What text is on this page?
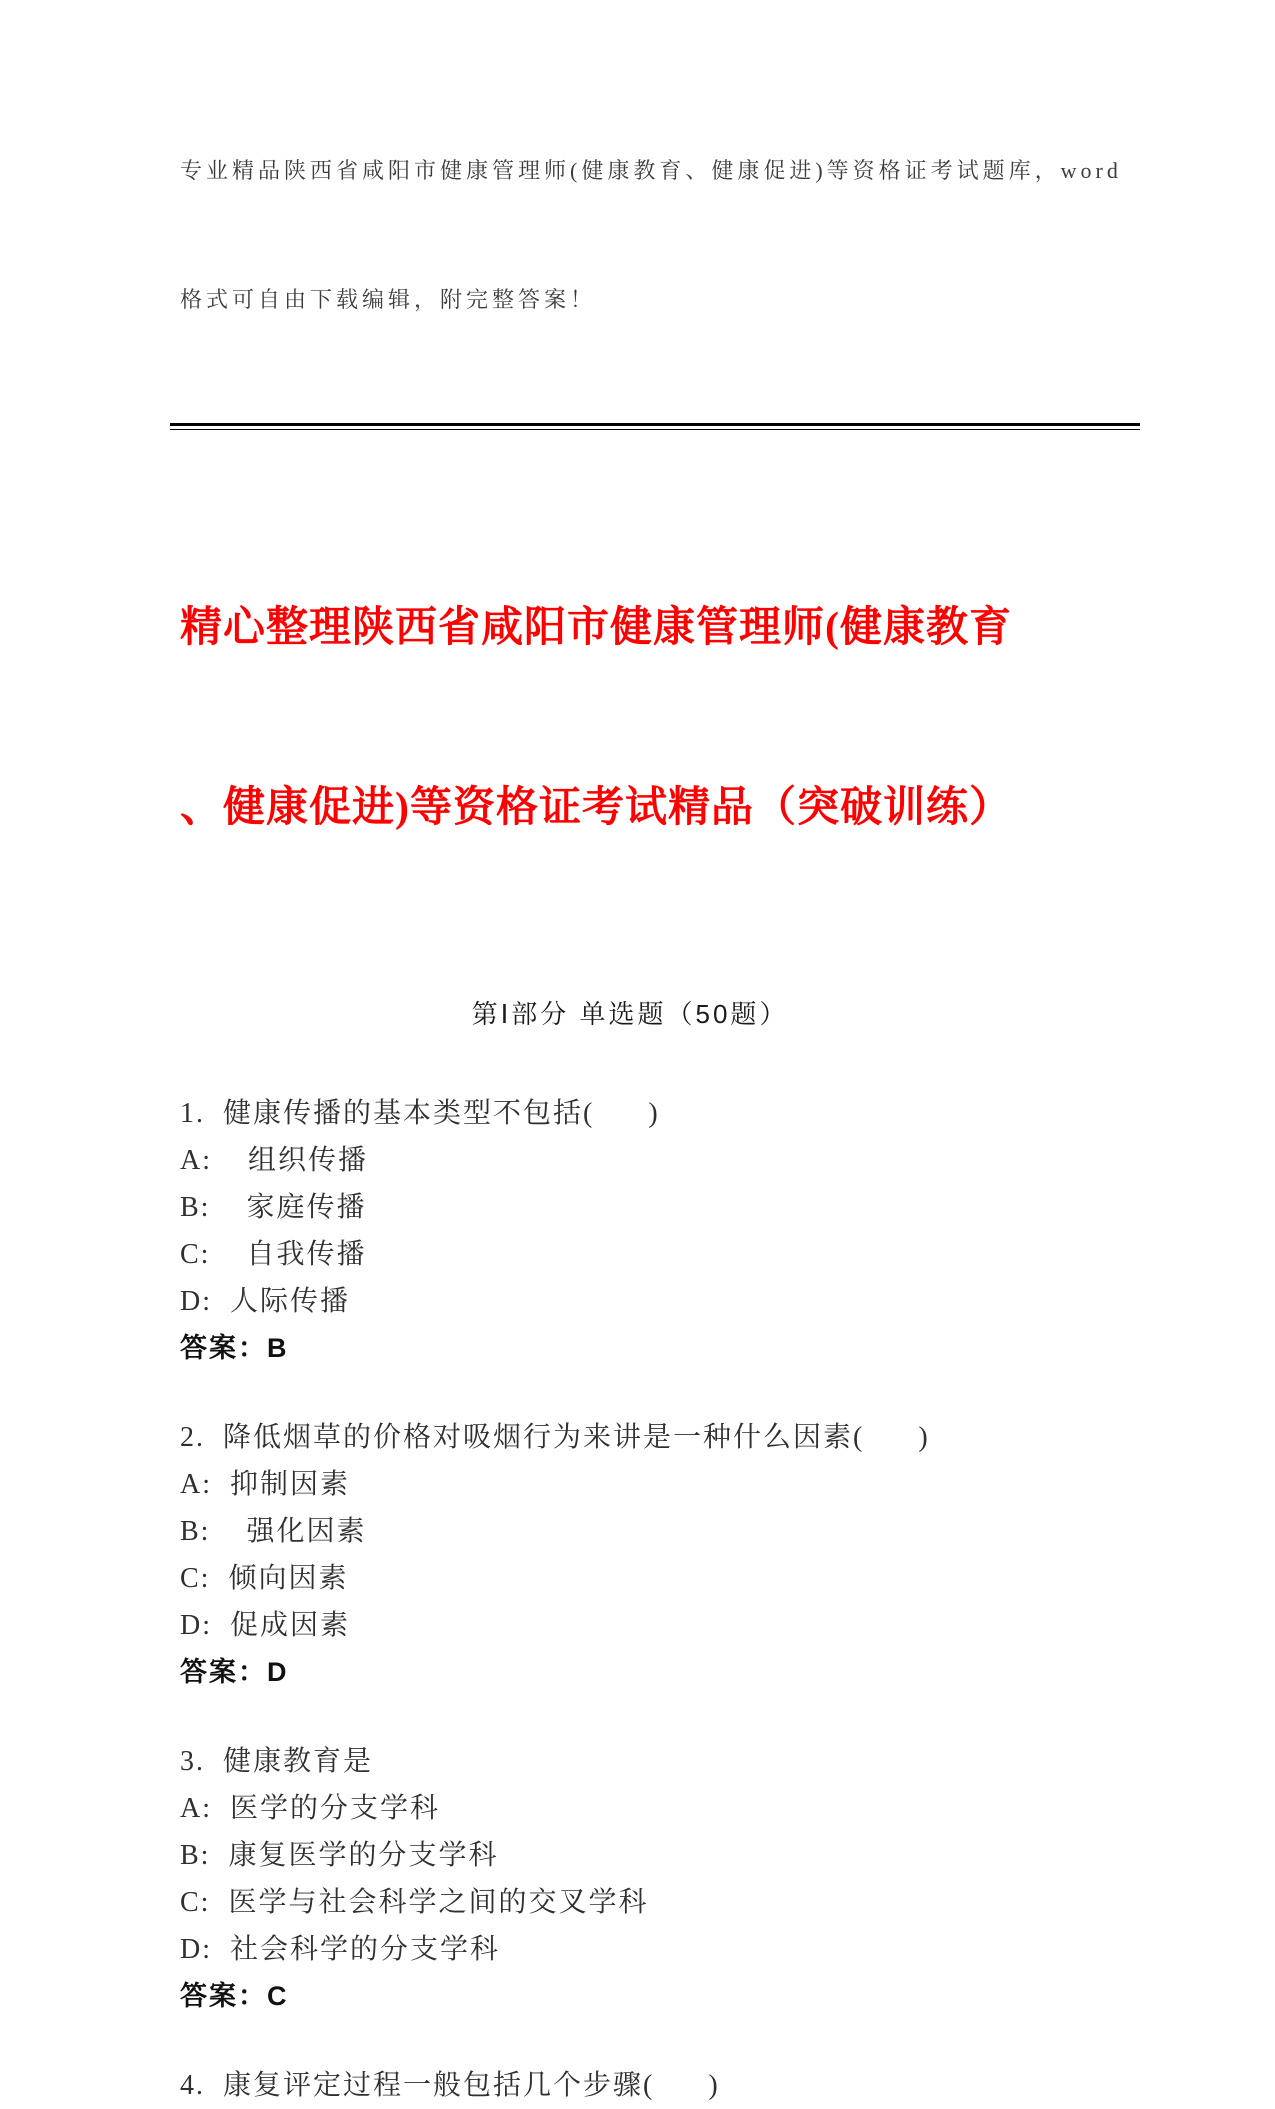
专业精品陕西省咸阳市健康管理师(健康教育、健康促进)等资格证考试题库，word

格式可自由下载编辑，附完整答案！

精心整理陕西省咸阳市健康管理师(健康教育

、健康促进)等资格证考试精品（突破训练）

第Ⅰ部分 单选题（50题）

1.  健康传播的基本类型不包括(      )

A:    组织传播

B:    家庭传播

C:    自我传播

D:  人际传播

答案：B

2.  降低烟草的价格对吸烟行为来讲是一种什么因素(      )

A:  抑制因素

B:    强化因素

C:  倾向因素

D:  促成因素

答案：D

3.  健康教育是

A:  医学的分支学科

B:  康复医学的分支学科

C:  医学与社会科学之间的交叉学科

D:  社会科学的分支学科

答案：C

4.  康复评定过程一般包括几个步骤(      )
